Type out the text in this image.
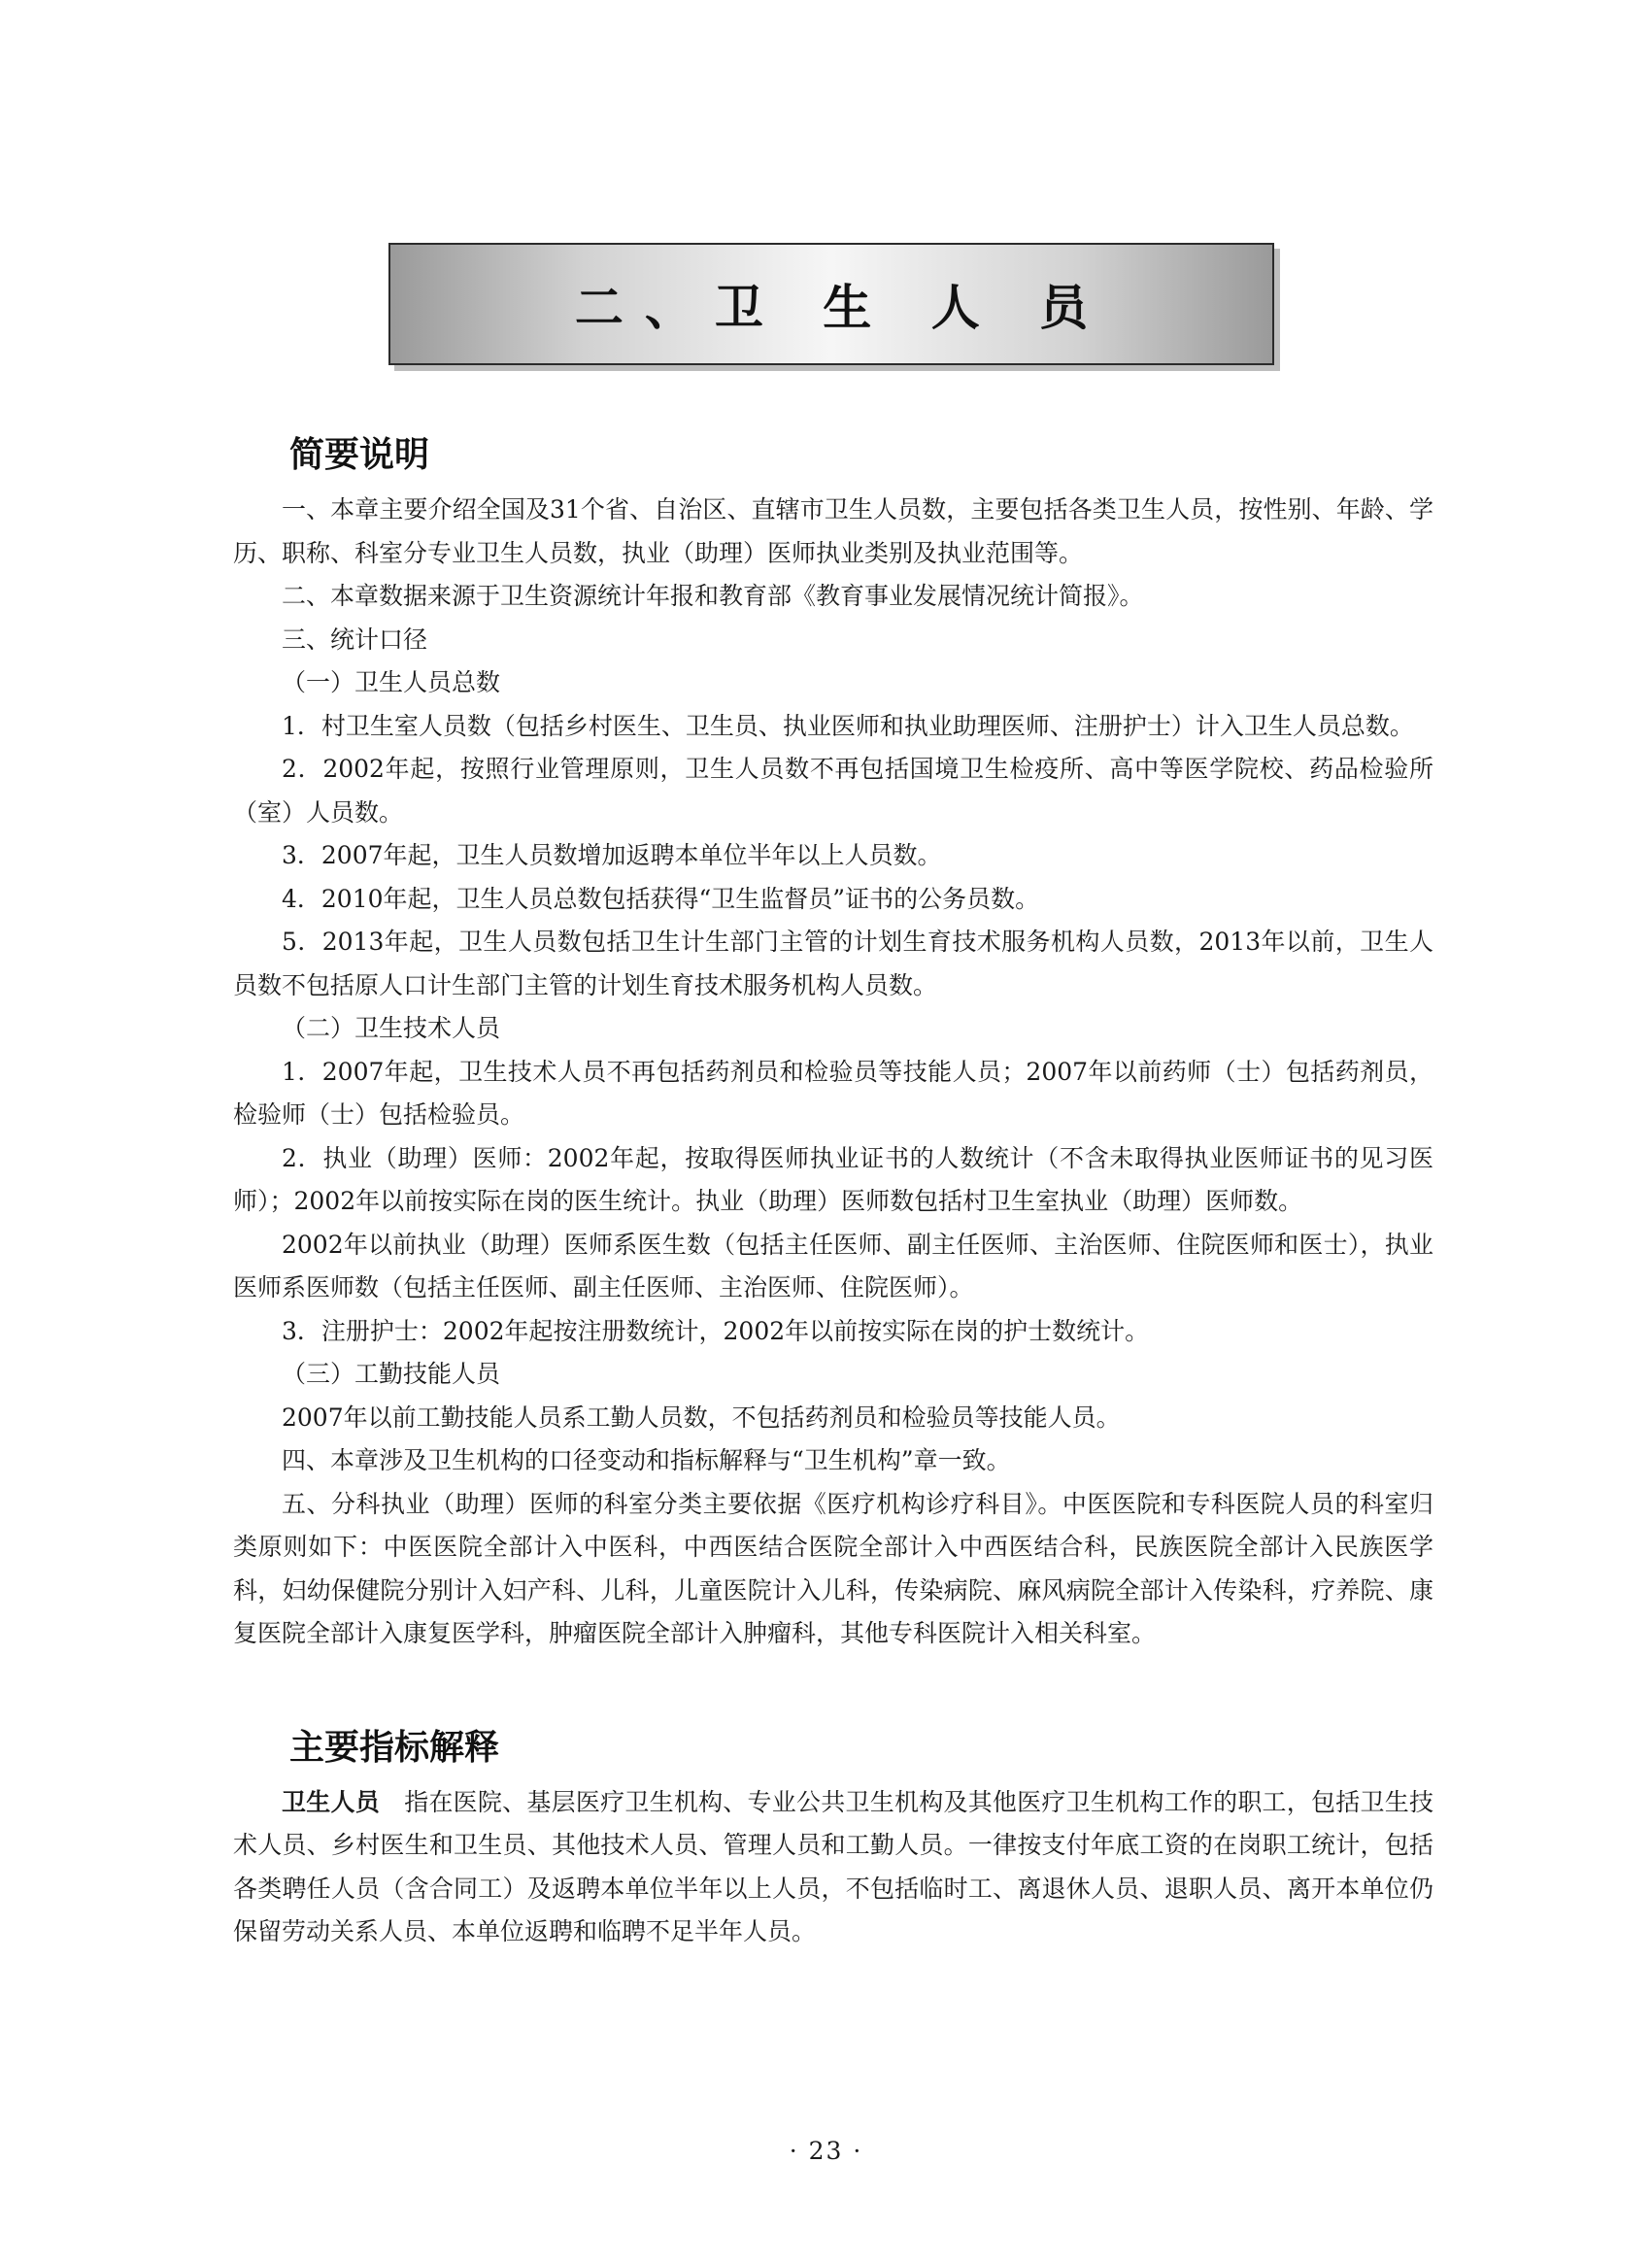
二、卫 生 人 员
简要说明

一、本章主要介绍全国及31个省、自治区、直辖市卫生人员数，主要包括各类卫生人员，按性别、年龄、学历、职称、科室分专业卫生人员数，执业（助理）医师执业类别及执业范围等。

二、本章数据来源于卫生资源统计年报和教育部《教育事业发展情况统计简报》。

三、统计口径

（一）卫生人员总数

1．村卫生室人员数（包括乡村医生、卫生员、执业医师和执业助理医师、注册护士）计入卫生人员总数。

2．2002年起，按照行业管理原则，卫生人员数不再包括国境卫生检疫所、高中等医学院校、药品检验所（室）人员数。

3．2007年起，卫生人员数增加返聘本单位半年以上人员数。

4．2010年起，卫生人员总数包括获得“卫生监督员”证书的公务员数。

5．2013年起，卫生人员数包括卫生计生部门主管的计划生育技术服务机构人员数，2013年以前，卫生人员数不包括原人口计生部门主管的计划生育技术服务机构人员数。

（二）卫生技术人员

1．2007年起，卫生技术人员不再包括药剂员和检验员等技能人员；2007年以前药师（士）包括药剂员，检验师（士）包括检验员。

2．执业（助理）医师：2002年起，按取得医师执业证书的人数统计（不含未取得执业医师证书的见习医师）；2002年以前按实际在岗的医生统计。执业（助理）医师数包括村卫生室执业（助理）医师数。

2002年以前执业（助理）医师系医生数（包括主任医师、副主任医师、主治医师、住院医师和医士），执业医师系医师数（包括主任医师、副主任医师、主治医师、住院医师）。

3．注册护士：2002年起按注册数统计，2002年以前按实际在岗的护士数统计。

（三）工勤技能人员

2007年以前工勤技能人员系工勤人员数，不包括药剂员和检验员等技能人员。

四、本章涉及卫生机构的口径变动和指标解释与“卫生机构”章一致。

五、分科执业（助理）医师的科室分类主要依据《医疗机构诊疗科目》。中医医院和专科医院人员的科室归类原则如下：中医医院全部计入中医科，中西医结合医院全部计入中西医结合科，民族医院全部计入民族医学科，妇幼保健院分别计入妇产科、儿科，儿童医院计入儿科，传染病院、麻风病院全部计入传染科，疗养院、康复医院全部计入康复医学科，肿瘤医院全部计入肿瘤科，其他专科医院计入相关科室。

主要指标解释

卫生人员　指在医院、基层医疗卫生机构、专业公共卫生机构及其他医疗卫生机构工作的职工，包括卫生技术人员、乡村医生和卫生员、其他技术人员、管理人员和工勤人员。一律按支付年底工资的在岗职工统计，包括各类聘任人员（含合同工）及返聘本单位半年以上人员，不包括临时工、离退休人员、退职人员、离开本单位仍保留劳动关系人员、本单位返聘和临聘不足半年人员。

· 23 ·
